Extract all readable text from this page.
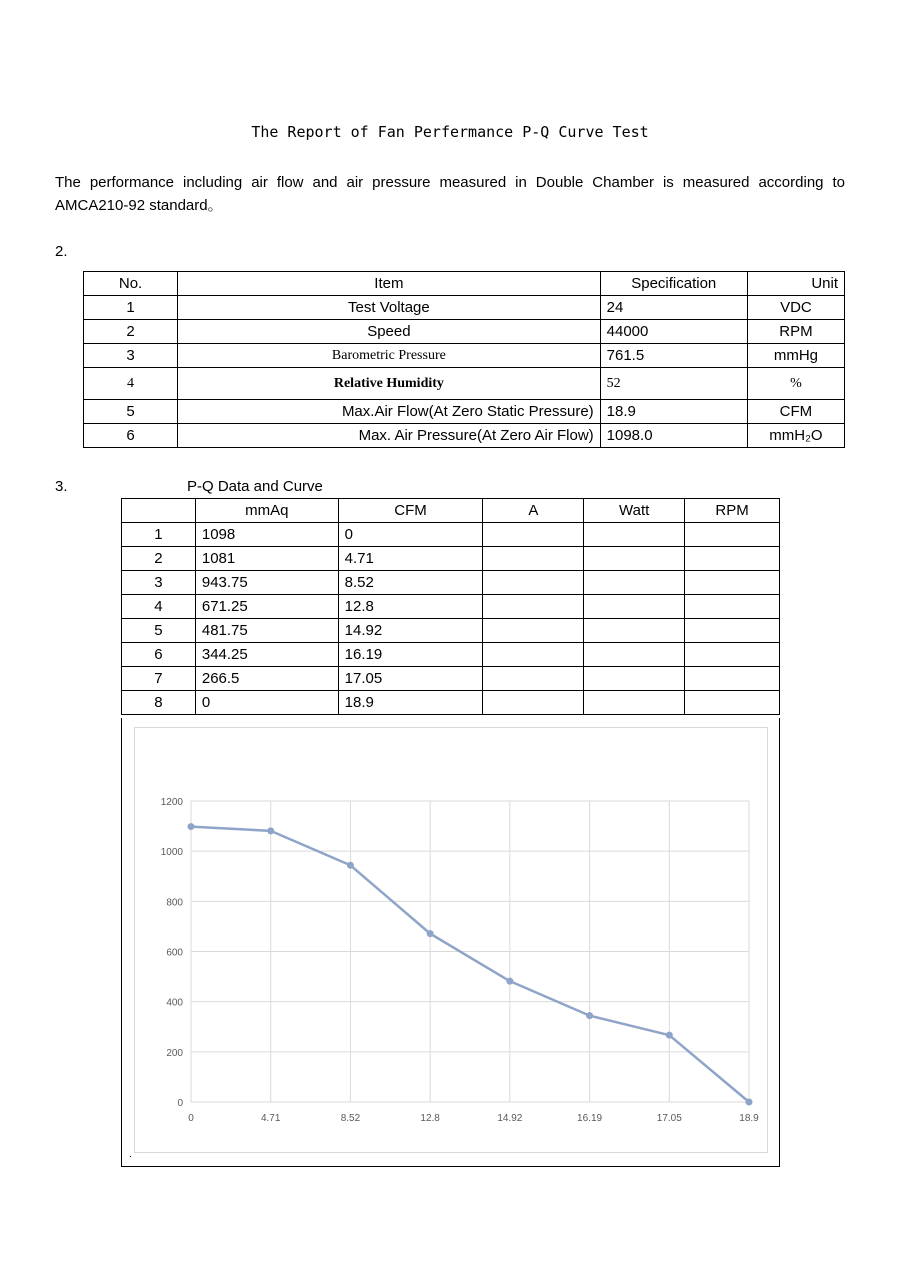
The Report of Fan Perfermance P-Q Curve Test
The performance including air flow and air pressure measured in Double Chamber is measured according to AMCA210-92 standard。
2.
No.	Item	Specification	Unit
1	Test Voltage	24	VDC
2	Speed	44000	RPM
3	Barometric Pressure	761.5	mmHg
4	Relative Humidity	52	%
5	Max.Air Flow(At Zero Static Pressure)	18.9	CFM
6	Max. Air Pressure(At Zero Air Flow)	1098.0	mmH₂O
3.	P-Q Data and Curve
	mmAq	CFM	A	Watt	RPM
1	1098	0			
2	1081	4.71			
3	943.75	8.52			
4	671.25	12.8			
5	481.75	14.92			
6	344.25	16.19			
7	266.5	17.05			
8	0	18.9			
0
200
400
600
800
1000
1200
0	4.71	8.52	12.8	14.92	16.19	17.05	18.9
.
